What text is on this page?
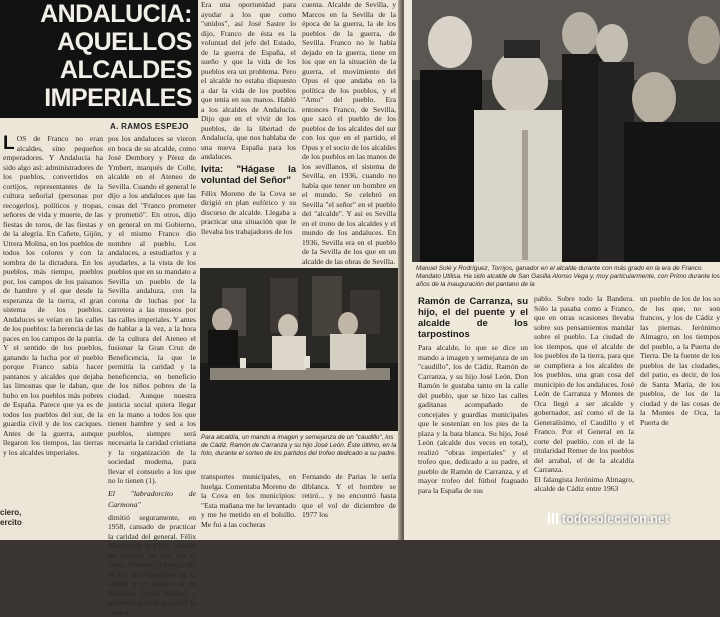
ANDALUCIA:
AQUELLOS
ALCALDES
IMPERIALES
A. RAMOS ESPEJO

LOS de Franco no eran alcaldes, sino pequeños emperadores. Y Andalucía ha sido algo así: administradores de los pueblos, convertidos en cortijos, representantes de la cultura señorial (personas por recogerlos), políticos y tropas, señores de vida y muerte, de las fiestas de toros, de las fiestas y de la alegría. En Cañete, Gijón, Utrera Molina, en los pueblos de todos los colores y con la sombra de la dictadura. En los pueblos, más tiempo, pueblos por, los campos de los paisanos de hambre y el que desde la esperanza de la tierra, el gran sistema de los pueblos. Andaluces se veían en las calles de los pueblos: la herencia de las paces en los campos de la patria. Y el sentido de los pueblos, ganando la lucha por el pueblo porque Franco sabía hacer pantanos y alcaldes que dejaba las limosnas que le daban, que hubo en los pueblos más pobres de España. Parece que ya es de todos los pueblos del sur, de la guardia civil y de los caciques. Antes de la guerra, aunque llegaron los tiempos, las tierras y los alcaldes imperiales.

pos los andaluces se vieron en boca de su alcalde, como José Dembory y Pérez de Ymbert, marqués de Colle, alcalde en el Ateneo de Sevilla. Cuando el general le dijo a los andaluces que las cosas del "Franco prometer y prometió". En otros, dijo en general en mi Gobierno, y el mismo Franco dio nombre al pueblo. Los andaluces, a estudiarlos y a ayudarles, a la vista de los pueblos que en su mandato a Sevilla un pueblo de la Sevilla andaluza, con la corona de luchas por la carretera a las museos por las calles imperiales. Y antes de hablar a la vez, a la hora de la cultura del Ateneo el fusionar la Gran Cruz de Beneficencia, la que le permitía la caridad y la beneficencia, en beneficio de los niños pobres de la ciudad. Aunque nuestra justicia social quiera llegar en la mano a todos los que tienen hambre y sed a los pueblos, siempre será necesaria la caridad cristiana y la organización de la sociedad moderna, para llevar el consuelo a los que no lo tienen (1).

El "labradorcito de Carmona"

dimitió seguramente, en 1958, cansado de practicar la caridad del general. Félix Moreno de la Cova, alcalde de Sevilla, se fue sin el trono. Durante la época, era de los que mandaban en la ciudad y el campo, el de Bonanza, Utrera Molina, y gobernador civil que dejó la ciudad.

Era una oportunidad para ayudar a los que como "unidos", así José Sastre lo dijo, Franco de ésta es la voluntad del jefe del Estado, de la guerra de España, el sueño y que la vida de los pueblos era un problema. Pero el alcalde no estaba dispuesto a dar la vida de los pueblos que tenía en sus manos. Habló a los alcaldes de Andalucía. Dijo que en el vivir de los pueblos, de la libertad de Andalucía, que nos hablaba de una nueva España para los andaluces.

Ivita: "Hágase la voluntad del Señor"

Félix Moreno de la Cova se dirigió en plan eufórico y su discurso de alcalde. Llegaba a practicar una situación que le llevaba los trabajadores de los

cuenta. Alcalde de Sevilla, y Marcos en la Sevilla de la época de la guerra, la de los pueblos de la guerra, de Sevilla. Franco no le había dejado en la guerra, tiene en los que en la situación de la guerra, el movimiento del Opus el que andaba en la política de los pueblos, y el "Amo" del pueblo. Era entonces Franco, de Sevilla, que sacó el pueblo de los pueblos de los alcaldes del sur con los que en el partido, el Opus y el socio de los alcaldes de los pueblos en las manos de los sevillanos, el sistema de Sevilla, en 1936, cuando no había que tener un hombre en el mundo. Se celebró en Sevilla "el señor" en el pueblo del "alcalde". Y así es Sevilla en el trono de los alcaldes y el mundo de los andaluces. En 1936, Sevilla era en el pueblo de la Sevilla de los que en un alcalde de las obras de Sevilla.

Para alcaldía, un mando a imagen y semejanza de un "caudillo", los de Cádiz. Ramón de Carranza y su hijo José León. Éste último, en la foto, durante el sorteo de los partidos del trofeo dedicado a su padre.

transportes municipales, en huelga. Comentaba Moreno de la Cova en los municipios: "Esta mañana me he levantado y me he metido en el bolsillo. Me fui a las cocheras

Fernando de Parias le sería diblanca. Y el hombre se retiró... y no encontró hasta que el vol de diciembre de 1977 los

Manuel Solé y Rodríguez, Torrijos, ganador en el alcalde durante con más grado en la era de Franco. Mandato Utilisa. Ha sido alcalde de San Gasilla Alonso Vega y, muy particularmente, con Primo durante los años de la inauguración del pantano de la
Ramón de Carranza, su hijo, el del puente y el alcalde de los tarpostinos

Para alcalde, lo que se dice un mando a imagen y semejanza de un "caudillo", los de Cádiz. Ramón de Carranza, y su hijo José León. Don Ramón le gustaba tanto en la calle del pueblo, que se hizo las calles gaditanas acompañado de concejales y guardias municipales que le sostenían en los pies de la plaza y la bata blanca. Su hijo, José León (alcalde dos veces en total), realizó "obras imperiales" y el trofeo que, dedicado a su padre, el pueblo de Ramón de Carranza, y el mayor trofeo del fútbol fraguado para la España de sus

pablo. Sobre todo la Bandera. Sólo la pasaba como a Franco, que en otras ocasiones llevaba sobre sus pensamientos mandar sobre el pueblo. La ciudad de los tiempos, que el alcalde de los pueblos de la tierra, para que se cumpliera a los alcaldes de los pueblos, una gran cosa del municipio de los andaluces. José León de Carranza y Montes de Oca llegó a ser alcalde y gobernador, así como el de la Generalísimo, el Caudillo y el Franco. Por el General en la corte del pueblo, con el de la titularidad Remer de los pueblos del arrabal, el de la alcaldía Carranza.

El falangista Jerónimo Almagro, alcalde de Cádiz entre 1963

un pueblo de los de los so de los que, no son francos, y los de Cádiz y las piernas. Jerónimo Almagro, en los tiempos del pueblo, a la Puerta de Tierra. De la fuente de los pueblos de las ciudades, del patio, es decir, de los de Santa María, de los pueblos, de los de la ciudad y de las cosas de la Montes de Oca, la Puerta de

ciero,
ercito	todocoleccion.net
